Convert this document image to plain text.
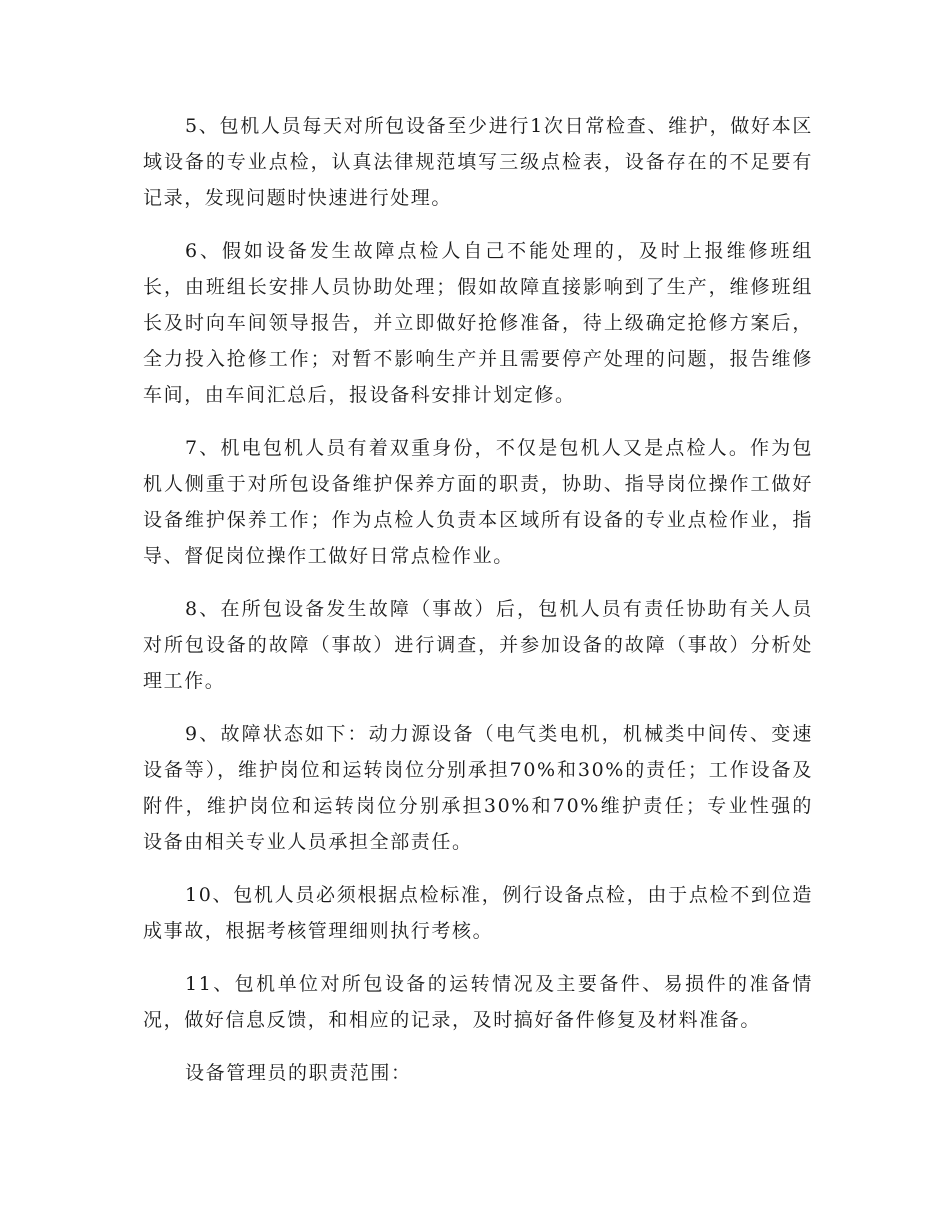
5、包机人员每天对所包设备至少进行1次日常检查、维护，做好本区域设备的专业点检，认真法律规范填写三级点检表，设备存在的不足要有记录，发现问题时快速进行处理。

6、假如设备发生故障点检人自己不能处理的，及时上报维修班组长，由班组长安排人员协助处理；假如故障直接影响到了生产，维修班组长及时向车间领导报告，并立即做好抢修准备，待上级确定抢修方案后，全力投入抢修工作；对暂不影响生产并且需要停产处理的问题，报告维修车间，由车间汇总后，报设备科安排计划定修。

7、机电包机人员有着双重身份，不仅是包机人又是点检人。作为包机人侧重于对所包设备维护保养方面的职责，协助、指导岗位操作工做好设备维护保养工作；作为点检人负责本区域所有设备的专业点检作业，指导、督促岗位操作工做好日常点检作业。

8、在所包设备发生故障（事故）后，包机人员有责任协助有关人员对所包设备的故障（事故）进行调查，并参加设备的故障（事故）分析处理工作。

9、故障状态如下：动力源设备（电气类电机，机械类中间传、变速设备等），维护岗位和运转岗位分别承担70%和30%的责任；工作设备及附件，维护岗位和运转岗位分别承担30%和70%维护责任；专业性强的设备由相关专业人员承担全部责任。

10、包机人员必须根据点检标准，例行设备点检，由于点检不到位造成事故，根据考核管理细则执行考核。

11、包机单位对所包设备的运转情况及主要备件、易损件的准备情况，做好信息反馈，和相应的记录，及时搞好备件修复及材料准备。

设备管理员的职责范围：
